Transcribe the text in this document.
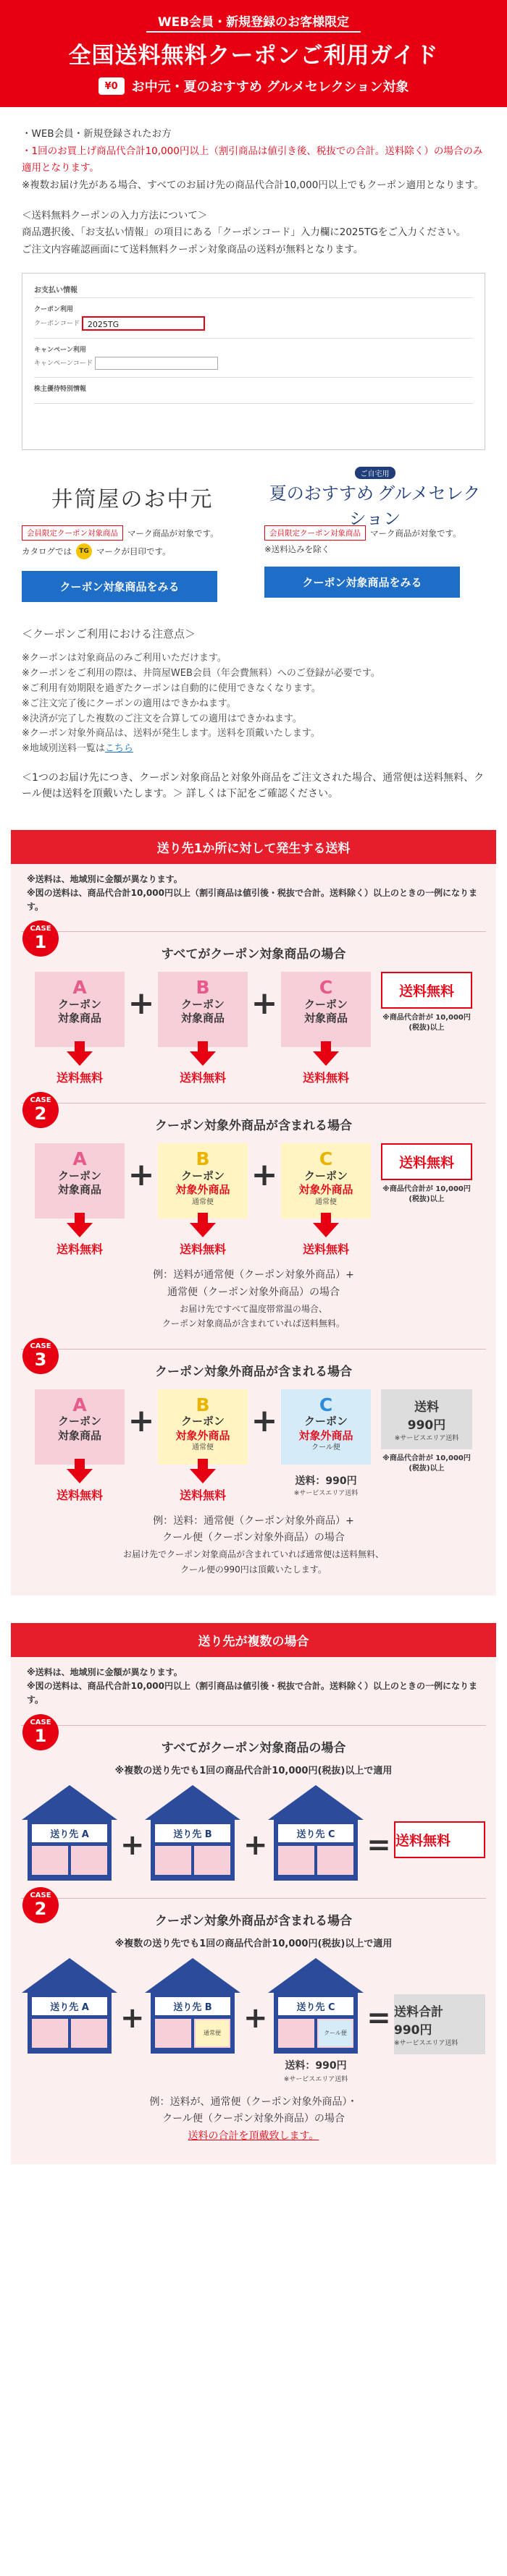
WEB会員・新規登録のお客様限定
全国送料無料クーポンご利用ガイド
¥0	お中元・夏のおすすめ グルメセレクション対象
・WEB会員・新規登録されたお方
・1回のお買上げ商品代合計10,000円以上（割引商品は値引き後、税抜での合計。送料除く）の場合のみ適用となります。
※複数お届け先がある場合、すべてのお届け先の商品代合計10,000円以上でもクーポン適用となります。

＜送料無料クーポンの入力方法について＞

商品選択後、「お支払い情報」の項目にある「クーポンコード」入力欄に2025TGをご入力ください。

ご注文内容確認画面にて送料無料クーポン対象商品の送料が無料となります。

お支払い情報
クーポン利用
クーポンコード 2025TG
キャンペーン利用
キャンペーンコード
株主優待特別情報
井筒屋のお中元
会員限定クーポン対象商品	マーク商品が対象です。
カタログでは	TG マークが目印です。
クーポン対象商品をみる
ご自宅用
夏のおすすめ グルメセレクション
会員限定クーポン対象商品	マーク商品が対象です。
※送料込みを除く
クーポン対象商品をみる
＜クーポンご利用における注意点＞

※クーポンは対象商品のみご利用いただけます。

※クーポンをご利用の際は、井筒屋WEB会員（年会費無料）へのご登録が必要です。

※ご利用有効期限を過ぎたクーポンは自動的に使用できなくなります。

※ご注文完了後にクーポンの適用はできかねます。

※決済が完了した複数のご注文を合算しての適用はできかねます。

※クーポン対象外商品は、送料が発生します。送料を頂戴いたします。

※地域別送料一覧はこちら

＜1つのお届け先につき、クーポン対象商品と対象外商品をご注文された場合、通常便は送料無料、クール便は送料を頂戴いたします。＞ 詳しくは下記をご確認ください。

送り先1か所に対して発生する送料

※送料は、地域別に金額が異なります。

※図の送料は、商品代合計10,000円以上（割引商品は値引後・税抜で合計。送料除く）以上のときの一例になります。

CASE
1
すべてがクーポン対象商品の場合
A
クーポン
対象商品
送料無料
+	B
クーポン
対象商品
送料無料
+	C
クーポン
対象商品
送料無料
送料無料
※商品代合計が 10,000円(税抜)以上
CASE
2
クーポン対象外商品が含まれる場合
A
クーポン
対象商品
送料無料
+	B
クーポン
対象外商品
通常便
送料無料
+	C
クーポン
対象外商品
通常便
送料無料
送料無料
※商品代合計が 10,000円(税抜)以上

例：送料が通常便（クーポン対象外商品）+

通常便（クーポン対象外商品）の場合

お届け先ですべて温度帯常温の場合、

クーポン対象商品が含まれていれば送料無料。

CASE
3
クーポン対象外商品が含まれる場合
A
クーポン
対象商品
送料無料
+	B
クーポン
対象外商品
通常便
送料無料
+	C
クーポン
対象外商品
クール便
送料：990円
※サービスエリア送料
送料
990円
※サービスエリア送料
※商品代合計が 10,000円(税抜)以上

例：送料：通常便（クーポン対象外商品）+

クール便（クーポン対象外商品）の場合

お届け先でクーポン対象商品が含まれていれば通常便は送料無料、

クール便の990円は頂戴いたします。

送り先が複数の場合

※送料は、地域別に金額が異なります。

※図の送料は、商品代合計10,000円以上（割引商品は値引後・税抜で合計。送料除く）以上のときの一例になります。

CASE
1
すべてがクーポン対象商品の場合
※複数の送り先でも1回の商品代合計10,000円(税抜)以上で適用
送り先 A	+	送り先 B	+	送り先 C	= 送料無料
CASE
2
クーポン対象外商品が含まれる場合
※複数の送り先でも1回の商品代合計10,000円(税抜)以上で適用
送り先 A	+	送り先 B
通常便 +	送り先 C
クール便
送料：990円
※サービスエリア送料
= 送料合計
990円
※サービスエリア送料

例：送料が、通常便（クーポン対象外商品）・

クール便（クーポン対象外商品）の場合

送料の合計を頂戴致します。
